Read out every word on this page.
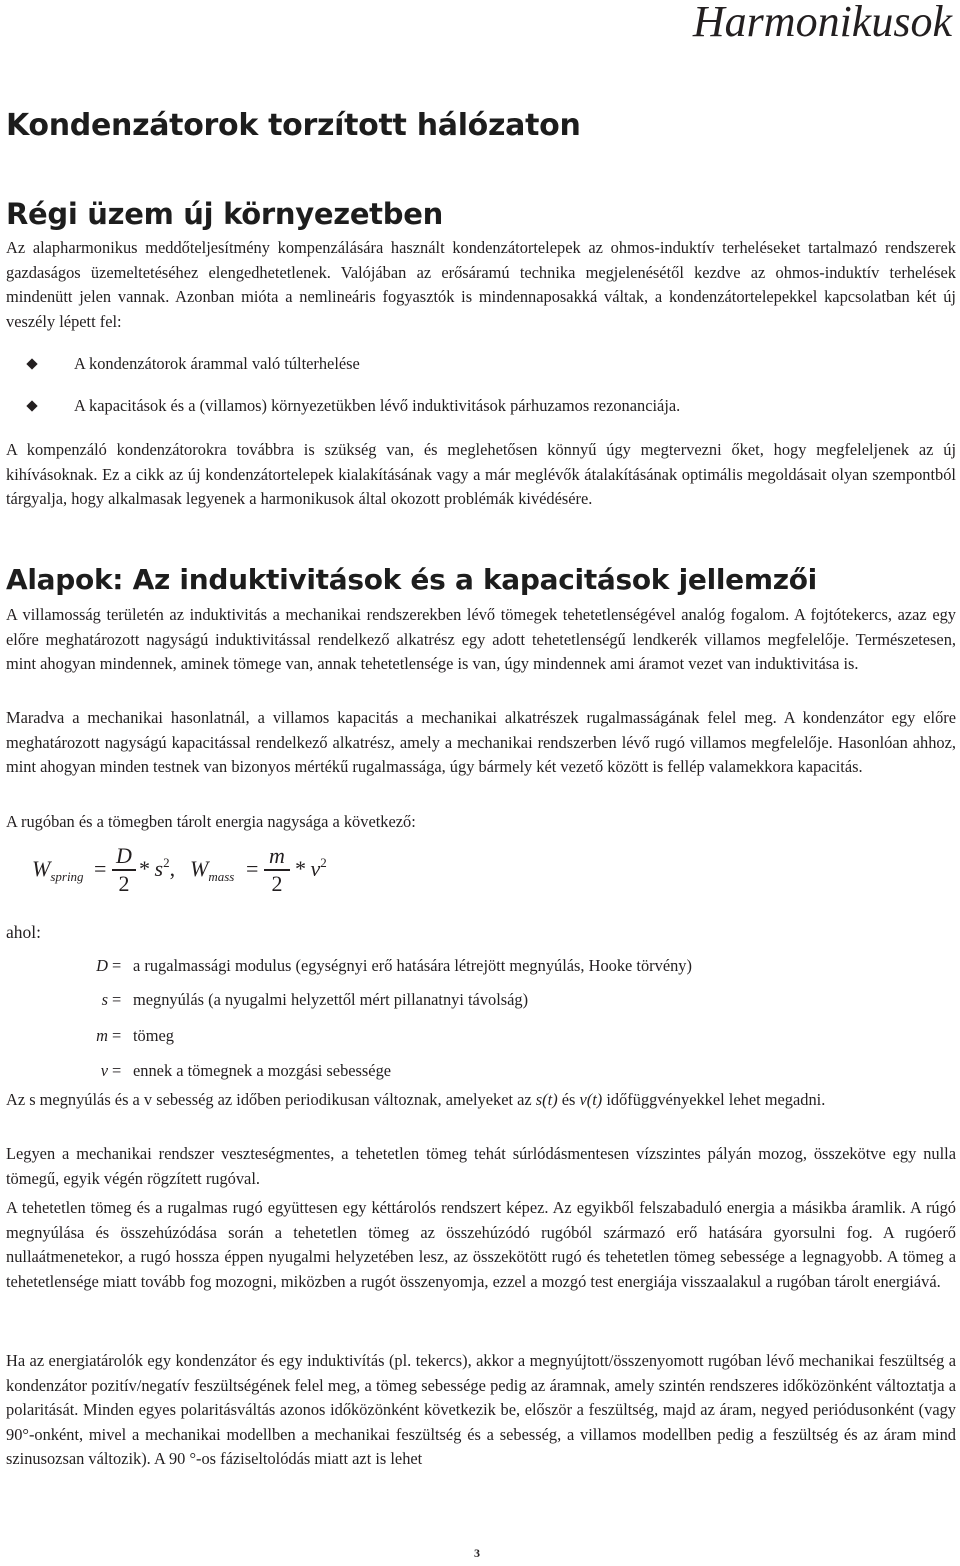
Harmonikusok
Kondenzátorok torzított hálózaton
Régi üzem új környezetben

Az alapharmonikus meddőteljesítmény kompenzálására használt kondenzátortelepek az ohmos-induktív terheléseket tartalmazó rendszerek gazdaságos üzemeltetéséhez elengedhetetlenek. Valójában az erősáramú technika megjelenésétől kezdve az ohmos-induktív terhelések mindenütt jelen vannak. Azonban mióta a nemlineáris fogyasztók is mindennaposakká váltak, a kondenzátortelepekkel kapcsolatban két új veszély lépett fel:

A kondenzátorok árammal való túlterhelése
A kapacitások és a (villamos) környezetükben lévő induktivitások párhuzamos rezonanciája.

A kompenzáló kondenzátorokra továbbra is szükség van, és meglehetősen könnyű úgy megtervezni őket, hogy megfeleljenek az új kihívásoknak. Ez a cikk az új kondenzátortelepek kialakításának vagy a már meglévők átalakításának optimális megoldásait olyan szempontból tárgyalja, hogy alkalmasak legyenek a harmonikusok által okozott problémák kivédésére.

Alapok: Az induktivitások és a kapacitások jellemzői

A villamosság területén az induktivitás a mechanikai rendszerekben lévő tömegek tehetetlenségével analóg fogalom. A fojtótekercs, azaz egy előre meghatározott nagyságú induktivitással rendelkező alkatrész egy adott tehetetlenségű lendkerék villamos megfelelője. Természetesen, mint ahogyan mindennek, aminek tömege van, annak tehetetlensége is van, úgy mindennek ami áramot vezet van induktivitása is.

Maradva a mechanikai hasonlatnál, a villamos kapacitás a mechanikai alkatrészek rugalmasságának felel meg. A kondenzátor egy előre meghatározott nagyságú kapacitással rendelkező alkatrész, amely a mechanikai rendszerben lévő rugó villamos megfelelője. Hasonlóan ahhoz, mint ahogyan minden testnek van bizonyos mértékű rugalmassága, úgy bármely két vezető között is fellép valamekkora kapacitás.

A rugóban és a tömegben tárolt energia nagysága a következő:

$W_{spring}$ =
D
2
* $s^2$, $W_{mass}$ =
m
2
* $v^2$

ahol:

D = a rugalmassági modulus (egységnyi erő hatására létrejött megnyúlás, Hooke törvény)
s = megnyúlás (a nyugalmi helyzettől mért pillanatnyi távolság)
m = tömeg
v = ennek a tömegnek a mozgási sebessége

Az s megnyúlás és a v sebesség az időben periodikusan változnak, amelyeket az s(t) és v(t) időfüggvényekkel lehet megadni.

Legyen a mechanikai rendszer veszteségmentes, a tehetetlen tömeg tehát súrlódásmentesen vízszintes pályán mozog, összekötve egy nulla tömegű, egyik végén rögzített rugóval.

A tehetetlen tömeg és a rugalmas rugó együttesen egy kéttárolós rendszert képez. Az egyikből felszabaduló energia a másikba áramlik. A rúgó megnyúlása és összehúzódása során a tehetetlen tömeg az összehúzódó rugóból származó erő hatására gyorsulni fog. A rugóerő nullaátmenetekor, a rugó hossza éppen nyugalmi helyzetében lesz, az összekötött rugó és tehetetlen tömeg sebessége a legnagyobb. A tömeg a tehetetlensége miatt tovább fog mozogni, miközben a rugót összenyomja, ezzel a mozgó test energiája visszaalakul a rugóban tárolt energiává.

Ha az energiatárolók egy kondenzátor és egy induktivítás (pl. tekercs), akkor a megnyújtott/összenyomott rugóban lévő mechanikai feszültség a kondenzátor pozitív/negatív feszültségének felel meg, a tömeg sebessége pedig az áramnak, amely szintén rendszeres időközönként változtatja a polaritását. Minden egyes polaritásváltás azonos időközönként következik be, először a feszültség, majd az áram, negyed periódusonként (vagy 90°-onként, mivel a mechanikai modellben a mechanikai feszültség és a sebesség, a villamos modellben pedig a feszültség és az áram mind szinusozsan változik). A 90 °-os fáziseltolódás miatt azt is lehet

3
